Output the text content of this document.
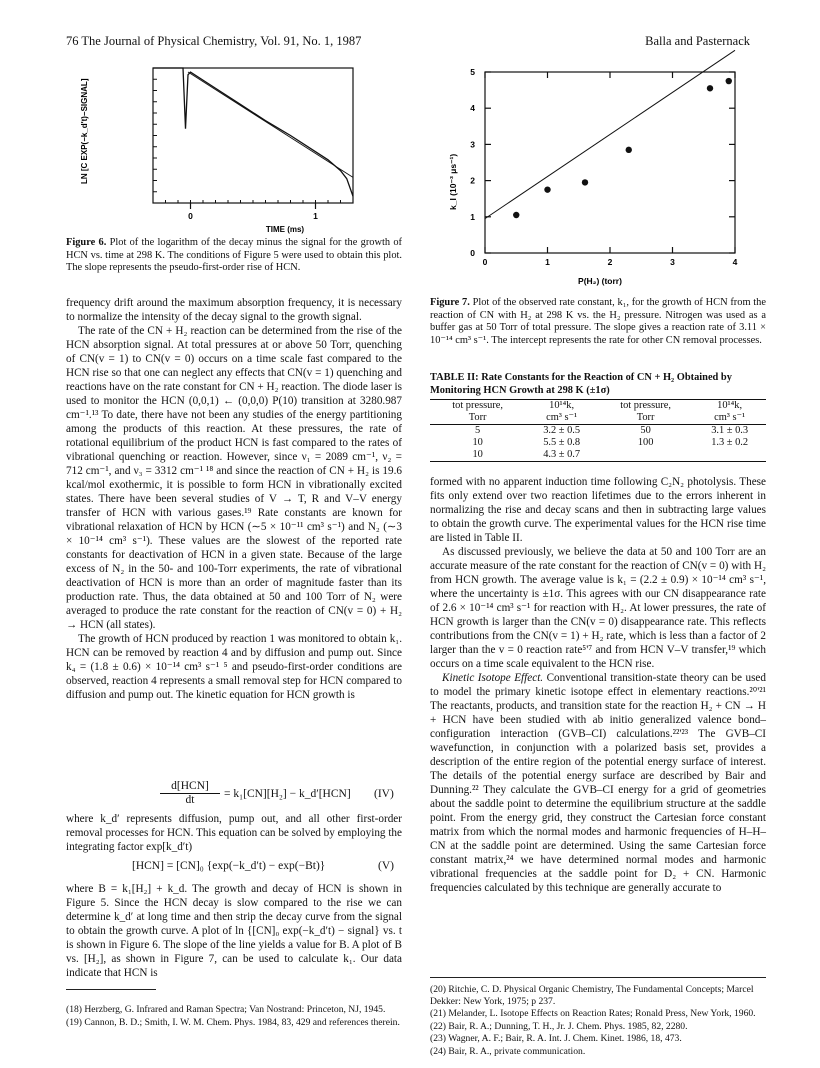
76 The Journal of Physical Chemistry, Vol. 91, No. 1, 1987	Balla and Pasternack
0	1
LN [C EXP(−k_d′t)−SIGNAL]
TIME (ms)
Figure 6. Plot of the logarithm of the decay minus the signal for the growth of HCN vs. time at 298 K. The conditions of Figure 5 were used to obtain this plot. The slope represents the pseudo-first-order rise of HCN.
0	1	2	3	4
0
1
2
3
4
5
k_I (10⁻³ μs⁻¹)
P(H₂) (torr)
Figure 7. Plot of the observed rate constant, k₁, for the growth of HCN from the reaction of CN with H₂ at 298 K vs. the H₂ pressure. Nitrogen was used as a buffer gas at 50 Torr of total pressure. The slope gives a reaction rate of 3.11 × 10⁻¹⁴ cm³ s⁻¹. The intercept represents the rate for other CN removal processes.

frequency drift around the maximum absorption frequency, it is necessary to normalize the intensity of the decay signal to the growth signal.

The rate of the CN + H₂ reaction can be determined from the rise of the HCN absorption signal. At total pressures at or above 50 Torr, quenching of CN(v = 1) to CN(v = 0) occurs on a time scale fast compared to the HCN rise so that one can neglect any effects that CN(v = 1) quenching and reactions have on the rate constant for CN + H₂ reaction. The diode laser is used to monitor the HCN (0,0,1) ← (0,0,0) P(10) transition at 3280.987 cm⁻¹.¹³ To date, there have not been any studies of the energy partitioning among the products of this reaction. At these pressures, the rate of rotational equilibrium of the product HCN is fast compared to the rates of vibrational quenching or reaction. However, since ν₁ = 2089 cm⁻¹, ν₂ = 712 cm⁻¹, and ν₃ = 3312 cm⁻¹ ¹⁸ and since the reaction of CN + H₂ is 19.6 kcal/mol exothermic, it is possible to form HCN in vibrationally excited states. There have been several studies of V → T, R and V–V energy transfer of HCN with various gases.¹⁹ Rate constants are known for vibrational relaxation of HCN by HCN (∼5 × 10⁻¹¹ cm³ s⁻¹) and N₂ (∼3 × 10⁻¹⁴ cm³ s⁻¹). These values are the slowest of the reported rate constants for deactivation of HCN in a given state. Because of the large excess of N₂ in the 50- and 100-Torr experiments, the rate of vibrational deactivation of HCN is more than an order of magnitude faster than its production rate. Thus, the data obtained at 50 and 100 Torr of N₂ were averaged to produce the rate constant for the reaction of CN(v = 0) + H₂ → HCN (all states).

The growth of HCN produced by reaction 1 was monitored to obtain k₁. HCN can be removed by reaction 4 and by diffusion and pump out. Since k₄ = (1.8 ± 0.6) × 10⁻¹⁴ cm³ s⁻¹ ⁵ and pseudo-first-order conditions are observed, reaction 4 represents a small removal step for HCN compared to diffusion and pump out. The kinetic equation for HCN growth is

d[HCN]
dt	= k₁[CN][H₂] − k_d′[HCN] (IV)

where k_d′ represents diffusion, pump out, and all other first-order removal processes for HCN. This equation can be solved by employing the integrating factor exp[k_d′t)

[HCN] = [CN]₀ {exp(−k_d′t) − exp(−Bt)}	(V)

where B = k₁[H₂] + k_d. The growth and decay of HCN is shown in Figure 5. Since the HCN decay is slow compared to the rise we can determine k_d′ at long time and then strip the decay curve from the signal to obtain the growth curve. A plot of ln {[CN]₀ exp(−k_d′t) − signal} vs. t is shown in Figure 6. The slope of the line yields a value for B. A plot of B vs. [H₂], as shown in Figure 7, can be used to calculate k₁. Our data indicate that HCN is

(18) Herzberg, G. Infrared and Raman Spectra; Van Nostrand: Princeton, NJ, 1945.
(19) Cannon, B. D.; Smith, I. W. M. Chem. Phys. 1984, 83, 429 and references therein.
TABLE II: Rate Constants for the Reaction of CN + H₂ Obtained by Monitoring HCN Growth at 298 K (±1σ)
tot pressure,	10¹⁴k,	tot pressure,	10¹⁴k,
Torr	cm³ s⁻¹	Torr	cm³ s⁻¹
5	3.2 ± 0.5	50	3.1 ± 0.3
10	5.5 ± 0.8	100	1.3 ± 0.2
10	4.3 ± 0.7		

formed with no apparent induction time following C₂N₂ photolysis. These fits only extend over two reaction lifetimes due to the errors inherent in normalizing the rise and decay scans and then in subtracting large values to obtain the growth curve. The experimental values for the HCN rise time are listed in Table II.

As discussed previously, we believe the data at 50 and 100 Torr are an accurate measure of the rate constant for the reaction of CN(v = 0) with H₂ from HCN growth. The average value is k₁ = (2.2 ± 0.9) × 10⁻¹⁴ cm³ s⁻¹, where the uncertainty is ±1σ. This agrees with our CN disappearance rate of 2.6 × 10⁻¹⁴ cm³ s⁻¹ for reaction with H₂. At lower pressures, the rate of HCN growth is larger than the CN(v = 0) disappearance rate. This reflects contributions from the CN(v = 1) + H₂ rate, which is less than a factor of 2 larger than the v = 0 reaction rate⁵'⁷ and from HCN V–V transfer,¹⁹ which occurs on a time scale equivalent to the HCN rise.

Kinetic Isotope Effect. Conventional transition-state theory can be used to model the primary kinetic isotope effect in elementary reactions.²⁰'²¹ The reactants, products, and transition state for the reaction H₂ + CN → H + HCN have been studied with ab initio generalized valence bond–configuration interaction (GVB–CI) calculations.²²'²³ The GVB–CI wavefunction, in conjunction with a polarized basis set, provides a description of the entire region of the potential energy surface of interest. The details of the potential energy surface are described by Bair and Dunning.²² They calculate the GVB–CI energy for a grid of geometries about the saddle point to determine the equilibrium structure at the saddle point. From the energy grid, they construct the Cartesian force constant matrix from which the normal modes and harmonic frequencies of H–H–CN at the saddle point are determined. Using the same Cartesian force constant matrix,²⁴ we have determined normal modes and harmonic vibrational frequencies at the saddle point for D₂ + CN. Harmonic frequencies calculated by this technique are generally accurate to

(20) Ritchie, C. D. Physical Organic Chemistry, The Fundamental Concepts; Marcel Dekker: New York, 1975; p 237.
(21) Melander, L. Isotope Effects on Reaction Rates; Ronald Press, New York, 1960.
(22) Bair, R. A.; Dunning, T. H., Jr. J. Chem. Phys. 1985, 82, 2280.
(23) Wagner, A. F.; Bair, R. A. Int. J. Chem. Kinet. 1986, 18, 473.
(24) Bair, R. A., private communication.
